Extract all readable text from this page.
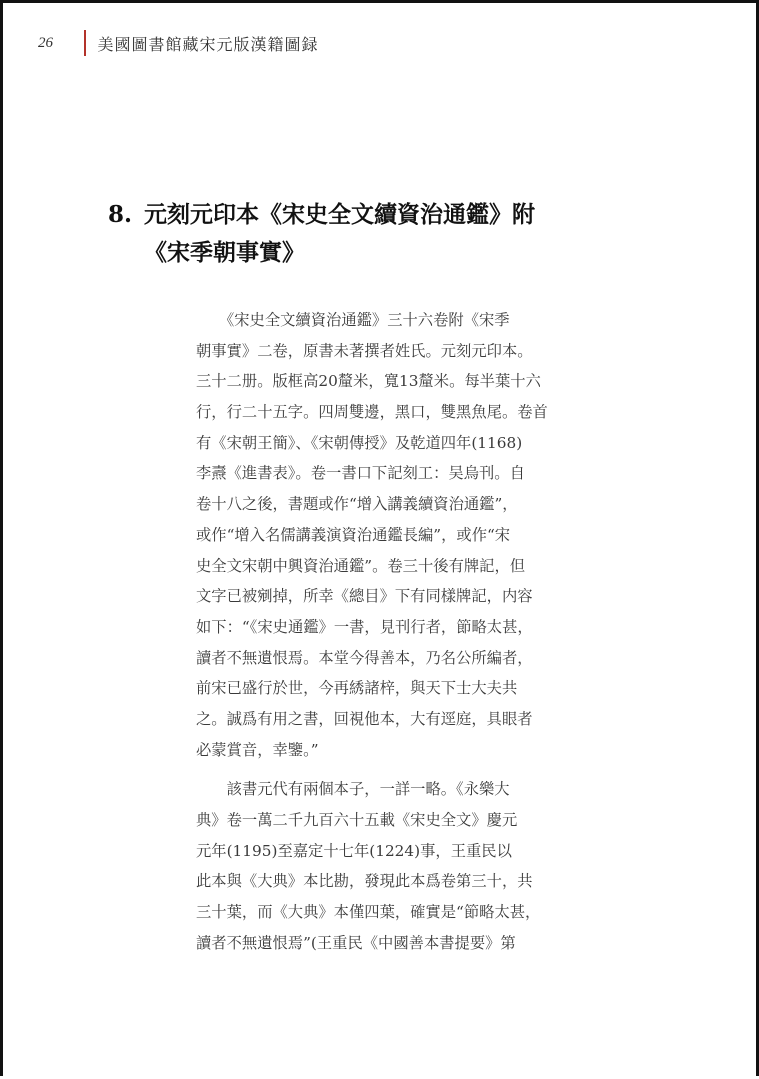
26	美國圖書館藏宋元版漢籍圖録
8. 元刻元印本《宋史全文續資治通鑑》附
《宋季朝事實》
　　《宋史全文續資治通鑑》三十六卷附《宋季
朝事實》二卷，原書未著撰者姓氏。元刻元印本。
三十二册。版框高20釐米，寬13釐米。每半葉十六
行，行二十五字。四周雙邊，黑口，雙黑魚尾。卷首
有《宋朝王簡》、《宋朝傳授》及乾道四年(1168)
李燾《進書表》。卷一書口下記刻工：吴烏刊。自
卷十八之後，書題或作“增入講義續資治通鑑”，
或作“增入名儒講義演資治通鑑長編”，或作“宋
史全文宋朝中興資治通鑑”。卷三十後有牌記，但
文字已被剜掉，所幸《總目》下有同樣牌記，内容
如下：“《宋史通鑑》一書，見刊行者，節略太甚，
讀者不無遺恨焉。本堂今得善本，乃名公所編者，
前宋已盛行於世，今再綉諸梓，與天下士大夫共
之。誠爲有用之書，回視他本，大有逕庭，具眼者
必蒙賞音，幸鑒。”
　　該書元代有兩個本子，一詳一略。《永樂大
典》卷一萬二千九百六十五載《宋史全文》慶元
元年(1195)至嘉定十七年(1224)事，王重民以
此本與《大典》本比勘，發現此本爲卷第三十，共
三十葉，而《大典》本僅四葉，確實是“節略太甚，
讀者不無遺恨焉”(王重民《中國善本書提要》第
